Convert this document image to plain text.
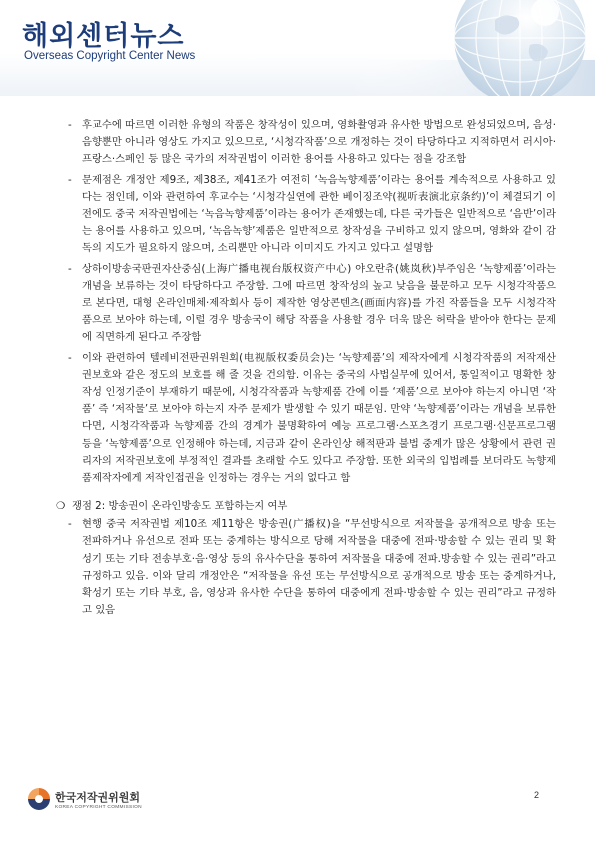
해외센터뉴스
Overseas Copyright Center News
- 후교수에 따르면 이러한 유형의 작품은 창작성이 있으며, 영화촬영과 유사한 방법으로 완성되었으며, 음성·음향뿐만 아니라 영상도 가지고 있으므로, ‘시청각작품’으로 개정하는 것이 타당하다고 지적하면서 러시아·프랑스·스페인 등 많은 국가의 저작권법이 이러한 용어를 사용하고 있다는 점을 강조함
- 문제점은 개정안 제9조, 제38조, 제41조가 여전히 ‘녹음녹향제품’이라는 용어를 계속적으로 사용하고 있다는 점인데, 이와 관련하여 후교수는 ‘시청각실연에 관한 베이징조약(视听表演北京条约)’이 체결되기 이전에도 중국 저작권법에는 ‘녹음녹향제품’이라는 용어가 존재했는데, 다른 국가들은 일반적으로 ‘음반’이라는 용어를 사용하고 있으며, ‘녹음녹향’제품은 일반적으로 창작성을 구비하고 있지 않으며, 영화와 같이 감독의 지도가 필요하지 않으며, 소리뿐만 아니라 이미지도 가지고 있다고 설명함
- 상하이방송국판권자산중심(上海广播电视台版权资产中心) 야오란츄(姚岚秋)부주임은 ‘녹향제품’이라는 개념을 보류하는 것이 타당하다고 주장함. 그에 따르면 창작성의 높고 낮음을 불문하고 모두 시청각작품으로 본다면, 대형 온라인매체·제작회사 등이 제작한 영상콘텐츠(画面内容)를 가진 작품들을 모두 시청각작품으로 보아야 하는데, 이럴 경우 방송국이 해당 작품을 사용할 경우 더욱 많은 허락을 받아야 한다는 문제에 직면하게 된다고 주장함
- 이와 관련하여 텔레비전판권위원회(电视版权委员会)는 ‘녹향제품’의 제작자에게 시청각작품의 저작재산권보호와 같은 정도의 보호를 해 줄 것을 건의함. 이유는 중국의 사법실무에 있어서, 통일적이고 명확한 창작성 인정기준이 부재하기 때문에, 시청각작품과 녹향제품 간에 이를 ‘제품’으로 보아야 하는지 아니면 ‘작품’ 즉 ‘저작물’로 보아야 하는지 자주 문제가 발생할 수 있기 때문임. 만약 ‘녹향제품’이라는 개념을 보류한다면, 시청각작품과 녹향제품 간의 경계가 불명확하여 예능 프로그램·스포츠경기 프로그램·신문프로그램 등을 ‘녹향제품’으로 인정해야 하는데, 지금과 같이 온라인상 해적판과 불법 중계가 많은 상황에서 관련 권리자의 저작권보호에 부정적인 결과를 초래할 수도 있다고 주장함. 또한 외국의 입법례를 보더라도 녹향제품제작자에게 저작인접권을 인정하는 경우는 거의 없다고 함
❍ 쟁점 2: 방송권이 온라인방송도 포함하는지 여부
- 현행 중국 저작권법 제10조 제11항은 방송권(广播权)을 “무선방식으로 저작물을 공개적으로 방송 또는 전파하거나 유선으로 전파 또는 중계하는 방식으로 당해 저작물을 대중에 전파·방송할 수 있는 권리 및 확성기 또는 기타 전송부호·음·영상 등의 유사수단을 통하여 저작물을 대중에 전파.방송할 수 있는 권리”라고 규정하고 있음. 이와 달리 개정안은 “저작물을 유선 또는 무선방식으로 공개적으로 방송 또는 중계하거나, 확성기 또는 기타 부호, 음, 영상과 유사한 수단을 통하여 대중에게 전파·방송할 수 있는 권리”라고 규정하고 있음
한국저작권위원회
KOREA COPYRIGHT COMMISSION
2
